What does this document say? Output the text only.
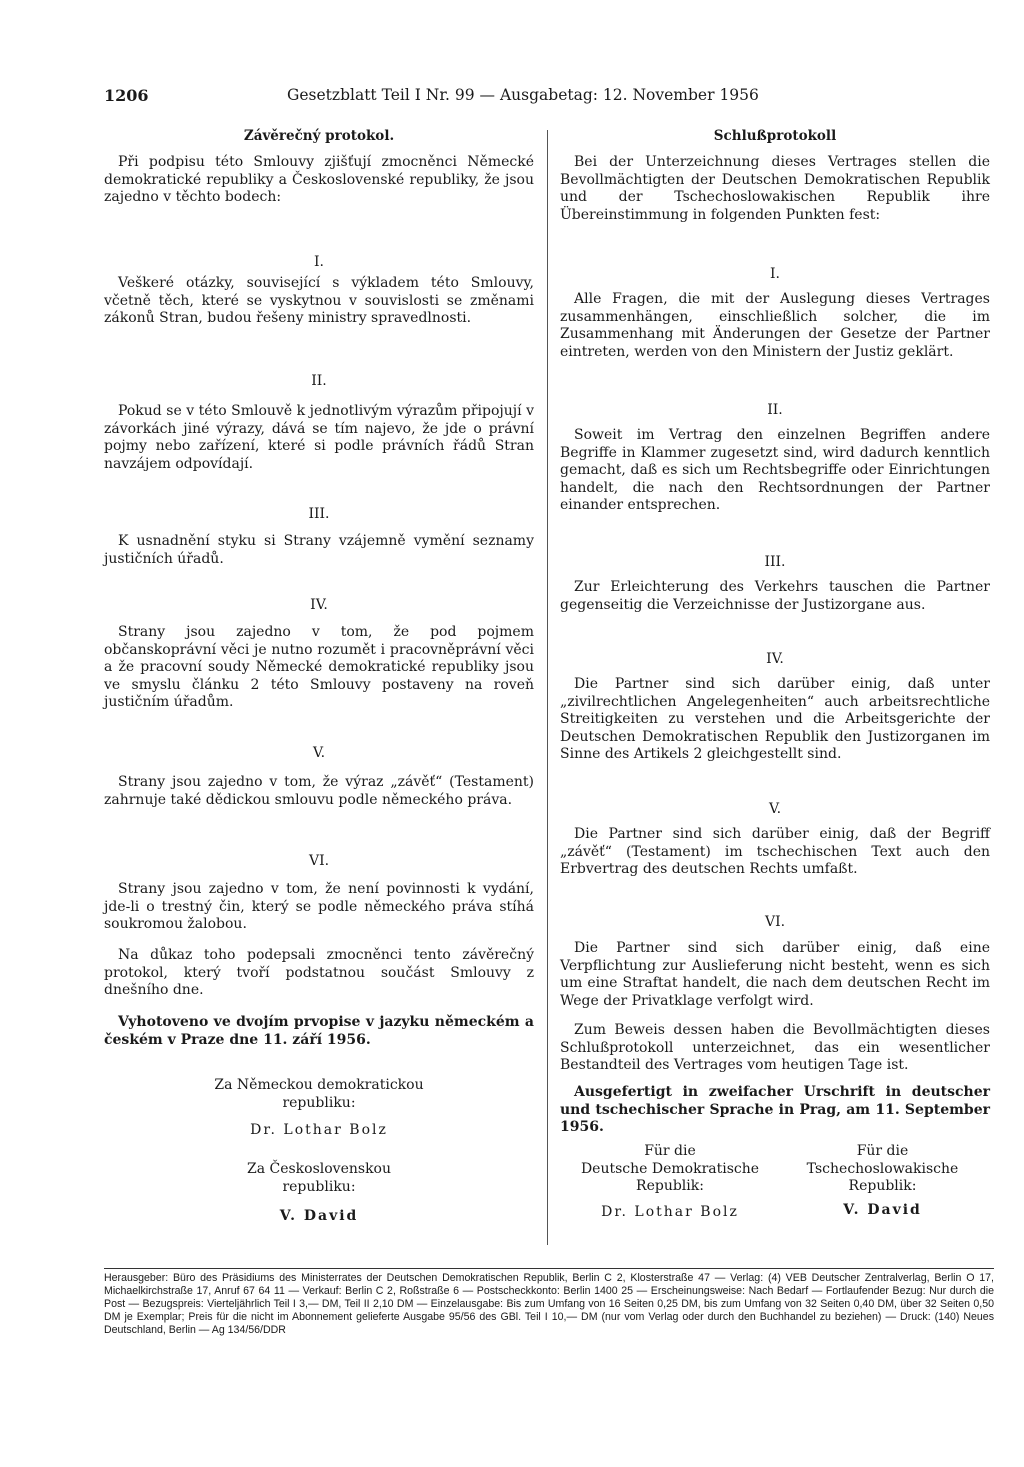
1206	Gesetzblatt Teil I Nr. 99 — Ausgabetag: 12. November 1956
Závěrečný protokol.

Při podpisu této Smlouvy zjišťují zmocněnci Německé demokratické republiky a Československé republiky, že jsou zajedno v těchto bodech:

I.

Veškeré otázky, související s výkladem této Smlouvy, včetně těch, které se vyskytnou v souvislosti se změnami zákonů Stran, budou řešeny ministry spravedlnosti.

II.

Pokud se v této Smlouvě k jednotlivým výrazům připojují v závorkách jiné výrazy, dává se tím najevo, že jde o právní pojmy nebo zařízení, které si podle právních řádů Stran navzájem odpovídají.

III.

K usnadnění styku si Strany vzájemně vymění seznamy justičních úřadů.

IV.

Strany jsou zajedno v tom, že pod pojmem občanskoprávní věci je nutno rozumět i pracovněprávní věci a že pracovní soudy Německé demokratické republiky jsou ve smyslu článku 2 této Smlouvy postaveny na roveň justičním úřadům.

V.

Strany jsou zajedno v tom, že výraz „závěť“ (Testament) zahrnuje také dědickou smlouvu podle německého práva.

VI.

Strany jsou zajedno v tom, že není povinnosti k vydání, jde-li o trestný čin, který se podle německého práva stíhá soukromou žalobou.

Na důkaz toho podepsali zmocněnci tento závěrečný protokol, který tvoří podstatnou součást Smlouvy z dnešního dne.

Vyhotoveno ve dvojím prvopise v jazyku německém a českém v Praze dne 11. září 1956.

Za Německou demokratickou
republiku:
Dr. Lothar Bolz
Za Československou
republiku:
V. David
Schlußprotokoll

Bei der Unterzeichnung dieses Vertrages stellen die Bevollmächtigten der Deutschen Demokratischen Republik und der Tschechoslowakischen Republik ihre Übereinstimmung in folgenden Punkten fest:

I.

Alle Fragen, die mit der Auslegung dieses Vertrages zusammenhängen, einschließlich solcher, die im Zusammenhang mit Änderungen der Gesetze der Partner eintreten, werden von den Ministern der Justiz geklärt.

II.

Soweit im Vertrag den einzelnen Begriffen andere Begriffe in Klammer zugesetzt sind, wird dadurch kenntlich gemacht, daß es sich um Rechtsbegriffe oder Einrichtungen handelt, die nach den Rechtsordnungen der Partner einander entsprechen.

III.

Zur Erleichterung des Verkehrs tauschen die Partner gegenseitig die Verzeichnisse der Justizorgane aus.

IV.

Die Partner sind sich darüber einig, daß unter „zivilrechtlichen Angelegenheiten“ auch arbeitsrechtliche Streitigkeiten zu verstehen und die Arbeitsgerichte der Deutschen Demokratischen Republik den Justizorganen im Sinne des Artikels 2 gleichgestellt sind.

V.

Die Partner sind sich darüber einig, daß der Begriff „závěť“ (Testament) im tschechischen Text auch den Erbvertrag des deutschen Rechts umfaßt.

VI.

Die Partner sind sich darüber einig, daß eine Verpflichtung zur Auslieferung nicht besteht, wenn es sich um eine Straftat handelt, die nach dem deutschen Recht im Wege der Privatklage verfolgt wird.

Zum Beweis dessen haben die Bevollmächtigten dieses Schlußprotokoll unterzeichnet, das ein wesentlicher Bestandteil des Vertrages vom heutigen Tage ist.

Ausgefertigt in zweifacher Urschrift in deutscher und tschechischer Sprache in Prag, am 11. September 1956.

Für die
Deutsche Demokratische
Republik:
Dr. Lothar Bolz
Für die
Tschechoslowakische
Republik:
V. David
Herausgeber: Büro des Präsidiums des Ministerrates der Deutschen Demokratischen Republik, Berlin C 2, Klosterstraße 47 — Verlag: (4) VEB Deutscher Zentralverlag, Berlin O 17, Michaelkirchstraße 17, Anruf 67 64 11 — Verkauf: Berlin C 2, Roßstraße 6 — Postscheckkonto: Berlin 1400 25 — Erscheinungsweise: Nach Bedarf — Fortlaufender Bezug: Nur durch die Post — Bezugspreis: Vierteljährlich Teil I 3,— DM, Teil II 2,10 DM — Einzelausgabe: Bis zum Umfang von 16 Seiten 0,25 DM, bis zum Umfang von 32 Seiten 0,40 DM, über 32 Seiten 0,50 DM je Exemplar; Preis für die nicht im Abonnement gelieferte Ausgabe 95/56 des GBl. Teil I 10,— DM (nur vom Verlag oder durch den Buchhandel zu beziehen) — Druck: (140) Neues Deutschland, Berlin — Ag 134/56/DDR
